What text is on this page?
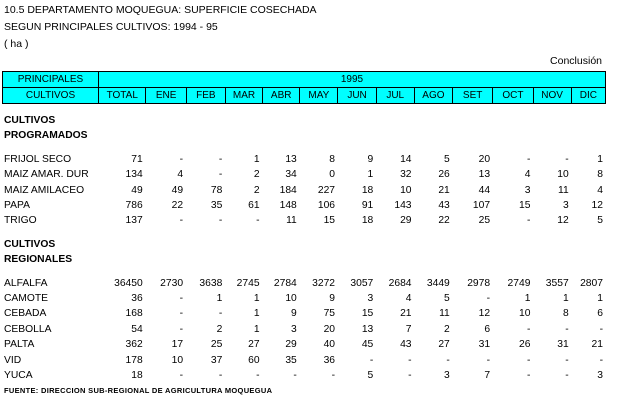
10.5 DEPARTAMENTO MOQUEGUA: SUPERFICIE COSECHADA
SEGUN PRINCIPALES CULTIVOS: 1994 - 95
( ha )
Conclusión
PRINCIPALES	1995												
CULTIVOS	TOTAL	ENE	FEB	MAR	ABR	MAY	JUN	JUL	AGO	SET	OCT	NOV	DIC
CULTIVOS													
PROGRAMADOS													

FRIJOL SECO	71	-	-	1	13	8	9	14	5	20	-	-	1
MAIZ AMAR. DUR	134	4	-	2	34	0	1	32	26	13	4	10	8
MAIZ AMILACEO	49	49	78	2	184	227	18	10	21	44	3	11	4
PAPA	786	22	35	61	148	106	91	143	43	107	15	3	12
TRIGO	137	-	-	-	11	15	18	29	22	25	-	12	5

CULTIVOS													
REGIONALES													

ALFALFA	36450	2730	3638	2745	2784	3272	3057	2684	3449	2978	2749	3557	2807
CAMOTE	36	-	1	1	10	9	3	4	5	-	1	1	1
CEBADA	168	-	-	1	9	75	15	21	11	12	10	8	6
CEBOLLA	54	-	2	1	3	20	13	7	2	6	-	-	-
PALTA	362	17	25	27	29	40	45	43	27	31	26	31	21
VID	178	10	37	60	35	36	-	-	-	-	-	-	-
YUCA	18	-	-	-	-	-	5	-	3	7	-	-	3
FUENTE: DIRECCION SUB-REGIONAL DE AGRICULTURA MOQUEGUA
